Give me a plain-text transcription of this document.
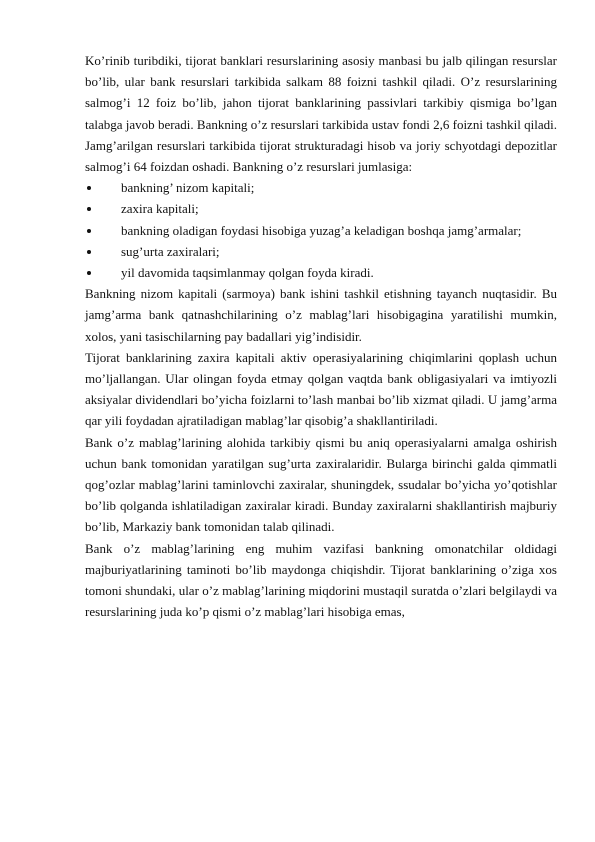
Ko’rinib turibdiki, tijorat banklari resurslarining asosiy manbasi bu jalb qilingan resurslar bo’lib, ular bank resurslari tarkibida salkam 88 foizni tashkil qiladi. O’z resurslarining salmog’i 12 foiz bo’lib, jahon tijorat banklarining passivlari tarkibiy qismiga bo’lgan talabga javob beradi. Bankning o’z resurslari tarkibida ustav fondi 2,6 foizni tashkil qiladi. Jamg’arilgan resurslari tarkibida tijorat strukturadagi hisob va joriy schyotdagi depozitlar salmog’i 64 foizdan oshadi. Bankning o’z resurslari jumlasiga:

bankning’ nizom kapitali;
zaxira kapitali;
bankning oladigan foydasi hisobiga yuzag’a keladigan boshqa jamg’armalar;
sug’urta zaxiralari;
yil davomida taqsimlanmay qolgan foyda kiradi.

Bankning nizom kapitali (sarmoya) bank ishini tashkil etishning tayanch nuqtasidir. Bu jamg’arma bank qatnashchilarining o’z mablag’lari hisobigagina yaratilishi mumkin, xolos, yani tasischilarning pay badallari yig’indisidir.

Tijorat banklarining zaxira kapitali aktiv operasiyalarining chiqimlarini qoplash uchun mo’ljallangan. Ular olingan foyda etmay qolgan vaqtda bank obligasiyalari va imtiyozli aksiyalar dividendlari bo’yicha foizlarni to’lash manbai bo’lib xizmat qiladi. U jamg’arma qar yili foydadan ajratiladigan mablag’lar qisobig’a shakllantiriladi.

Bank o’z mablag’larining alohida tarkibiy qismi bu aniq operasiyalarni amalga oshirish uchun bank tomonidan yaratilgan sug’urta zaxiralaridir. Bularga birinchi galda qimmatli qog’ozlar mablag’larini taminlovchi zaxiralar, shuningdek, ssudalar bo’yicha yo’qotishlar bo’lib qolganda ishlatiladigan zaxiralar kiradi. Bunday zaxiralarni shakllantirish majburiy bo’lib, Markaziy bank tomonidan talab qilinadi.

Bank o’z mablag’larining eng muhim vazifasi bankning omonatchilar oldidagi majburiyatlarining taminoti bo’lib maydonga chiqishdir. Tijorat banklarining o’ziga xos tomoni shundaki, ular o’z mablag’larining miqdorini mustaqil suratda o’zlari belgilaydi va resurslarining juda ko’p qismi o’z mablag’lari hisobiga emas,
